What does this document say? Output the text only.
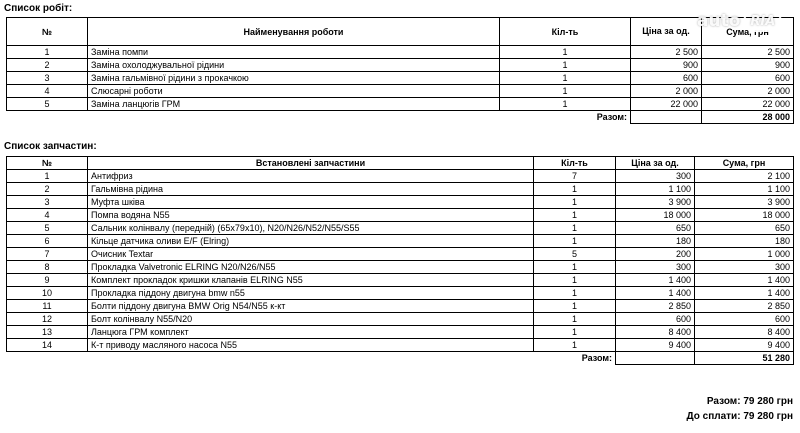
Список робіт:
№	Найменування роботи	Кіл-ть	Ціна за од.	Сума, грн
1	Заміна помпи	1	2 500	2 500
2	Заміна охолоджувальної рідини	1	900	900
3	Заміна гальмівної рідини з прокачкою	1	600	600
4	Слюсарні роботи	1	2 000	2 000
5	Заміна ланцюгів ГРМ	1	22 000	22 000
		Разом:		28 000
Список запчастин:
№	Встановлені запчастини	Кіл-ть	Ціна за од.	Сума, грн
1	Антифриз	7	300	2 100
2	Гальмівна рідина	1	1 100	1 100
3	Муфта шківа	1	3 900	3 900
4	Помпа водяна N55	1	18 000	18 000
5	Сальник колінвалу (передній) (65x79x10), N20/N26/N52/N55/S55	1	650	650
6	Кільце датчика оливи E/F (Elring)	1	180	180
7	Очисник Textar	5	200	1 000
8	Прокладка Valvetronic ELRING N20/N26/N55	1	300	300
9	Комплект прокладок кришки клапанів ELRING N55	1	1 400	1 400
10	Прокладка піддону двигуна bmw n55	1	1 400	1 400
11	Болти піддону двигуна BMW Orig N54/N55 к-кт	1	2 850	2 850
12	Болт колінвалу N55/N20	1	600	600
13	Ланцюга ГРМ комплект	1	8 400	8 400
14	К-т приводу масляного насоса N55	1	9 400	9 400
		Разом:		51 280
Разом: 79 280 грн
До сплати: 79 280 грн
auto RIA
